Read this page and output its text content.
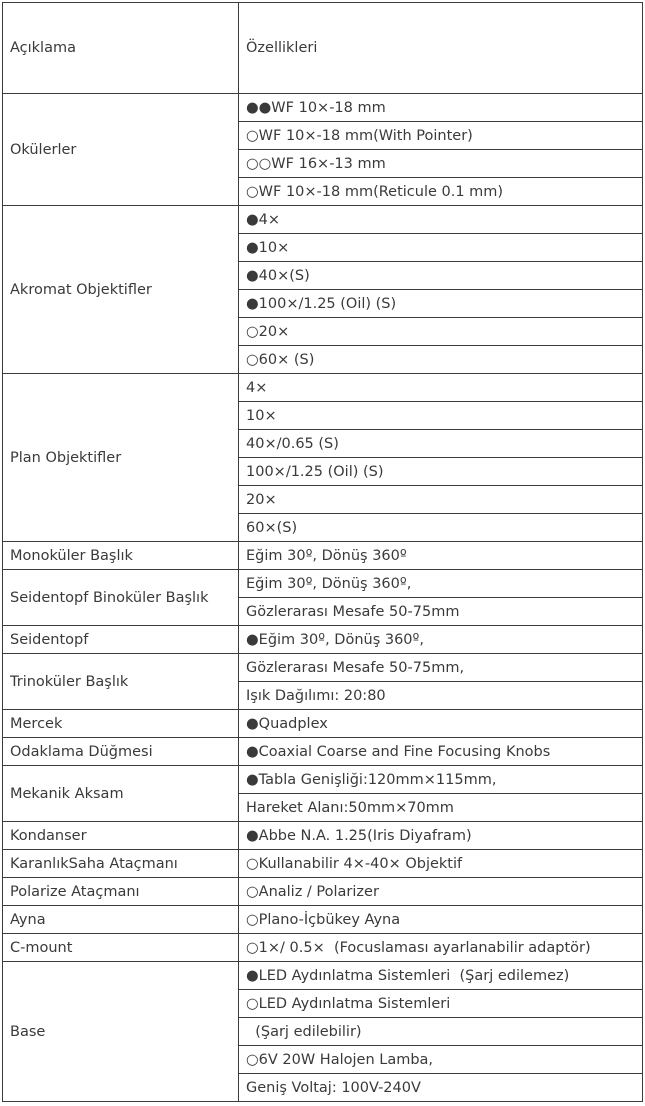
Açıklama	Özellikleri
Okülerler	●●WF 10×-18 mm
	○WF 10×-18 mm(With Pointer)
	○○WF 16×-13 mm
	○WF 10×-18 mm(Reticule 0.1 mm)
Akromat Objektifler	●4×
	●10×
	●40×(S)
	●100×/1.25 (Oil) (S)
	○20×
	○60× (S)
Plan Objektifler	4×
	10×
	40×/0.65 (S)
	100×/1.25 (Oil) (S)
	20×
	60×(S)
Monoküler Başlık	Eğim 30º, Dönüş 360º
Seidentopf Binoküler Başlık	Eğim 30º, Dönüş 360º,
	Gözlerarası Mesafe 50-75mm
Seidentopf	●Eğim 30º, Dönüş 360º,
Trinoküler Başlık	Gözlerarası Mesafe 50-75mm,
	Işık Dağılımı: 20:80
Mercek	●Quadplex
Odaklama Düğmesi	●Coaxial Coarse and Fine Focusing Knobs
Mekanik Aksam	●Tabla Genişliği:120mm×115mm,
	Hareket Alanı:50mm×70mm
Kondanser	●Abbe N.A. 1.25(Iris Diyafram)
KaranlıkSaha Ataçmanı	○Kullanabilir 4×-40× Objektif
Polarize Ataçmanı	○Analiz / Polarizer
Ayna	○Plano-İçbükey Ayna
C-mount	○1×/ 0.5×  (Focuslaması ayarlanabilir adaptör)
Base	●LED Aydınlatma Sistemleri  (Şarj edilemez)
	○LED Aydınlatma Sistemleri
	(Şarj edilebilir)
	○6V 20W Halojen Lamba,
	Geniş Voltaj: 100V-240V
